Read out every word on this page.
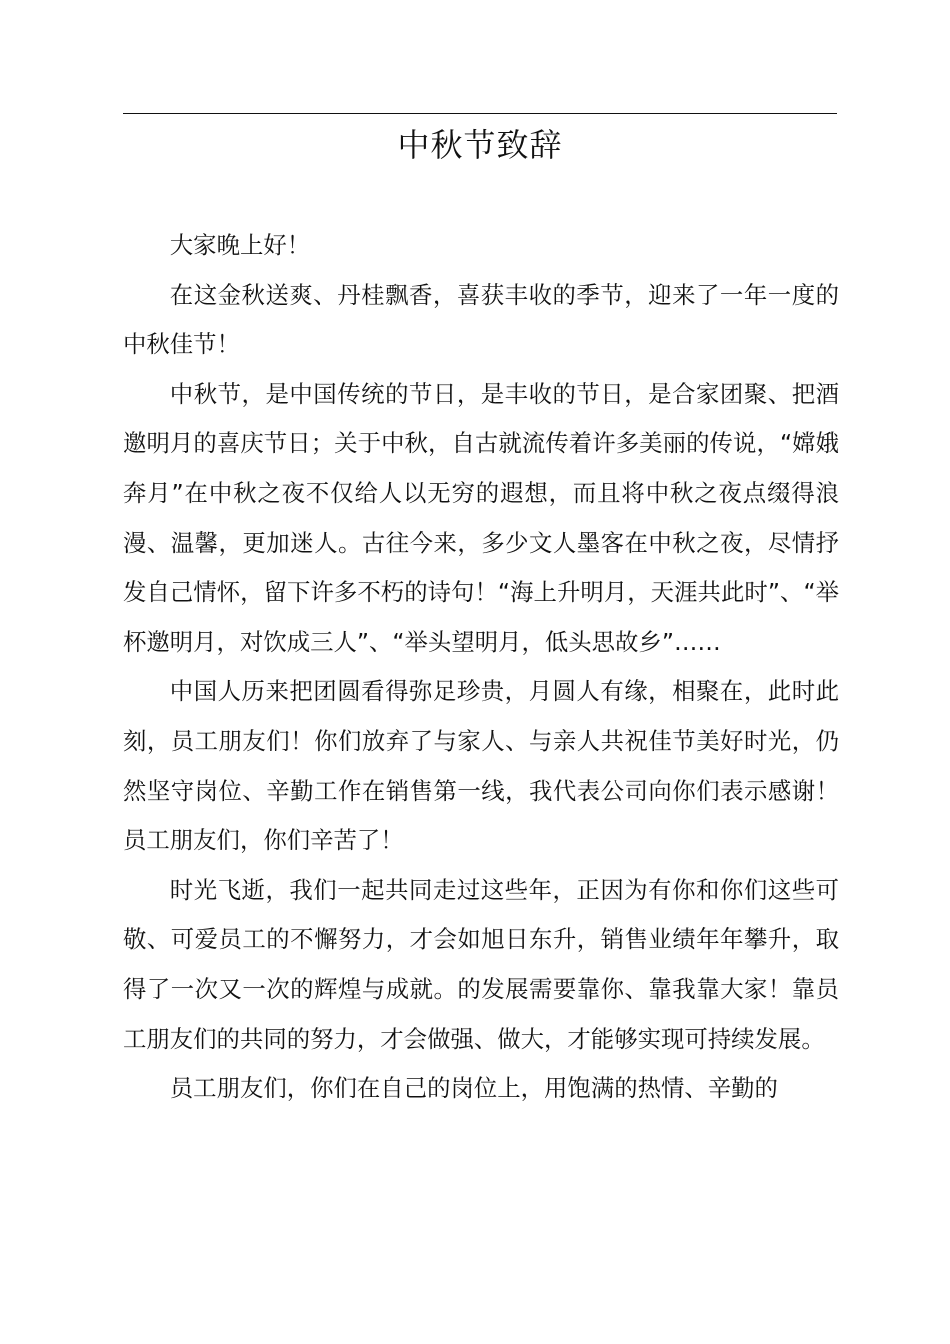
中秋节致辞

大家晚上好！

在这金秋送爽、丹桂飘香，喜获丰收的季节，迎来了一年一度的中秋佳节！

中秋节，是中国传统的节日，是丰收的节日，是合家团聚、把酒邀明月的喜庆节日；关于中秋，自古就流传着许多美丽的传说，“嫦娥奔月”在中秋之夜不仅给人以无穷的遐想，而且将中秋之夜点缀得浪漫、温馨，更加迷人。古往今来，多少文人墨客在中秋之夜，尽情抒发自己情怀，留下许多不朽的诗句！“海上升明月，天涯共此时”、“举杯邀明月，对饮成三人”、“举头望明月，低头思故乡”……

中国人历来把团圆看得弥足珍贵，月圆人有缘，相聚在，此时此刻，员工朋友们！你们放弃了与家人、与亲人共祝佳节美好时光，仍然坚守岗位、辛勤工作在销售第一线，我代表公司向你们表示感谢！员工朋友们，你们辛苦了！

时光飞逝，我们一起共同走过这些年，正因为有你和你们这些可敬、可爱员工的不懈努力，才会如旭日东升，销售业绩年年攀升，取得了一次又一次的辉煌与成就。的发展需要靠你、靠我靠大家！靠员工朋友们的共同的努力，才会做强、做大，才能够实现可持续发展。

员工朋友们，你们在自己的岗位上，用饱满的热情、辛勤的
